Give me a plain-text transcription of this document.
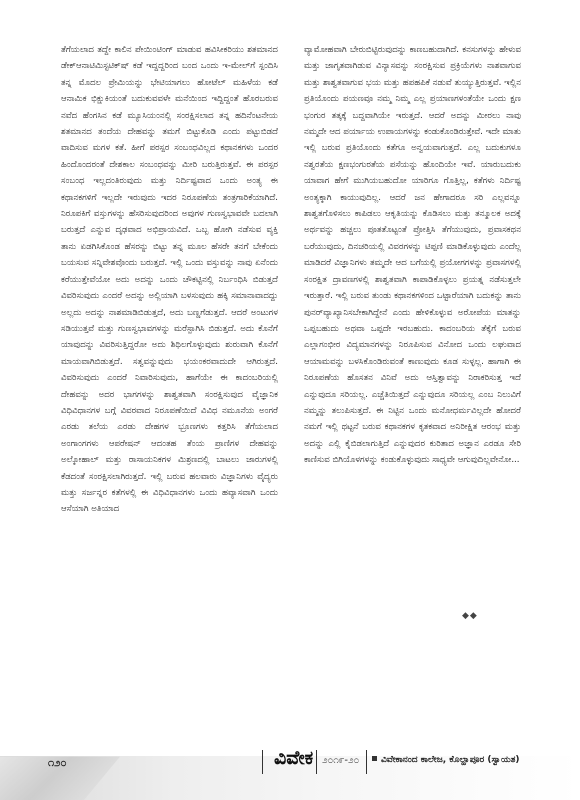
ತೆಗೆಯಲಾದ ತದ್ದೇ ಕಾಲಿನ ಪೇಯಿಂಟಿಂಗ್ ಮಾಡುವ ಹವಿಸೀಕರಿಯು ಶತಮಾನದ ಡೇಕ್‌ಆನಾಟಿಮಿಸ್ಟಟಿಕ್‌ಷ್ ಕಡೆ ಇದ್ದದ್ದರಿಂದ ಬಂದ ಒಂದು ಇ-ಮೇಲ್‌ಗೆ ಸ್ಪಂದಿಸಿ ತನ್ನ ಮೊದಲ ಪ್ರೇಮಿಯನ್ನು ಭೇಟಿಯಾಗಲು ಹೋಟೆಲ್ ಮಹಿಳೆಯ ಕಡೆ ಆನಾಮಿಕ ಭಿಕ್ಷುಕಿಯಂತೆ ಬದುಕುವವಳೇ ಮನೆಯಿಂದ ಇದ್ದಿದ್ದಂತೆ ಹೊರಬರುವ ನವೆದ ಹೆಂಗಸಿನ ಕಡೆ ಮ್ಯೂಸಿಯಂನಲ್ಲಿ ಸಂರಕ್ಷಿಸಲಾದ ತನ್ನ ಹದಿನೆಂಟನೇಯ ಶತಮಾನದ ತಂದೆಯ ದೇಹವನ್ನು ತಮಗೆ ಬಿಟ್ಟುಕೊಡಿ ಎಂದು ಪಟ್ಟುಬಿಡದೆ ವಾದಿಸುವ ಮಗಳ ಕತೆ. ಹೀಗೆ ಪರಸ್ಪರ ಸಂಬಂಧವಿಲ್ಲದ ಕಥಾನಕಗಳು ಒಂದರ ಹಿಂದೊಂದರಂತೆ ದೇಶಕಾಲ ಸಂಬಂಧವನ್ನು ಮೀರಿ ಬರುತ್ತಿರುತ್ತವೆ. ಈ ಪರಸ್ಪರ ಸಂಬಂಧ ಇಲ್ಲದಂತಿರುವುದು ಮತ್ತು ನಿರ್ದಿಷ್ಟವಾದ ಒಂದು ಅಂತ್ಯ ಈ ಕಥಾನಕಗಳಿಗೆ ಇಲ್ಲದೇ ಇರುವುದು ಇದರ ನಿರೂಪಣೆಯ ತಂತ್ರಗಾರಿಕೆಯಾಗಿದೆ. ನಿರೂಪಕಿಗೆ ವಸ್ತುಗಳನ್ನು ಹೆಸರಿಸುವುದರಿಂದ ಅವುಗಳ ಗುಣಸ್ವಭಾವವೇ ಬದಲಾಗಿ ಬರುತ್ತದೆ ಎನ್ನುವ ದೃಢವಾದ ಅಭಿಪ್ರಾಯವಿದೆ. ಒಬ್ಬ ಹೋಗಿ ನಡೆಸುವ ವ್ಯಕ್ತಿ ತಾನು ಏಡಗಿಸಿಕೊಂಡ ಹೆಸರನ್ನು ಬಿಟ್ಟು ತನ್ನ ಮೂಲ ಹೆಸರೇ ತನಗೆ ಬೇಕೆಂದು ಬಯಸುವ ಸನ್ನಿವೇಶವೊಂದು ಬರುತ್ತದೆ. ಇಲ್ಲಿ ಒಂದು ವಸ್ತುವನ್ನು ನಾವು ಏನೆಂದು ಕರೆಯುತ್ತೇವೆಯೋ ಅದು ಅದನ್ನು ಒಂದು ಚೌಕಟ್ಟಿನಲ್ಲಿ ನಿರ್ಬಂಧಿಸಿ ಬಿಡುತ್ತದೆ ವಿವರಿಸುವುದು ಎಂದರೆ ಅದನ್ನು ಅಲ್ಲಿಯಾಗಿ ಬಳಸುವುದು ಹಕ್ಕಿ ಸಮಾನಾವಾದದ್ದು ಅಲ್ಲದು ಅದನ್ನು ನಾಶಮಾಡಿಬಿಡುತ್ತದೆ, ಅದು ಬಣ್ಣಗೆಡುತ್ತದೆ. ಆದರೆ ಅಂಟುಗಳ ಸಡಿಯುತ್ತವೆ ಮತ್ತು ಗುಣಸ್ವಭಾವಗಳನ್ನು ಮರೆಸ್ಪಾಗಿಸಿ ಬಿಡುತ್ತದೆ. ಅದು ಕೊನೆಗೆ ಯಾವುದನ್ನು ವಿವರಿಸುತ್ತಿದ್ದರೋ ಅದು ಶಿಥಿಲಗೊಳ್ಳುವುದು ಶುರುವಾಗಿ ಕೊನೆಗೆ ಮಾಯವಾಗಿಬಿಡುತ್ತದೆ. ಸತ್ವವನ್ನುವುದು ಭಯಂಕರವಾದುದೇ ಆಗಿರುತ್ತದೆ. ವಿವರಿಸುವುದು ಎಂದರೆ ನಿವಾರಿಸುವುದು, ಹಾಗೆಯೇ ಈ ಕಾದಂಬರಿಯಲ್ಲಿ ದೇಹವನ್ನು ಅದರ ಭಾಗಗಳನ್ನು ಶಾಶ್ವತವಾಗಿ ಸಂರಕ್ಷಿಸುವುದ ವೈಜ್ಞಾನಿಕ ವಿಧಿವಿಧಾನಗಳ ಬಗ್ಗೆ ವಿವರವಾದ ನಿರೂಪಣೆಯಿದೆ ವಿವಿಧ ನಮೂನೆಯ ಅಂಗರೆ ಎರಡು ತಲೆಯ ಎರಡು ದೇಹಗಳ ಭ್ರೂಣಗಳು ಕತ್ತರಿಸಿ ತೆಗೆಯಲಾದ ಅಂಗಾಂಗಗಳು ಆಪರೇಷನ್ ಆದಂತಹ ತೆಂಯ ಪ್ರಾಣಿಗಳ ದೇಹವನ್ನು ಅಲ್ಕೋಹಾಲ್ ಮತ್ತು ರಾಸಾಯನಿಕಗಳ ಮಿಶ್ರಣದಲ್ಲಿ ಬಾಟಲು ಜಾರುಗಳಲ್ಲಿ ಕೆಡದಂತೆ ಸಂರಕ್ಷಿಸಲಾಗಿರುತ್ತದೆ. ಇಲ್ಲಿ ಬರುವ ಹಲವಾರು ವಿಜ್ಞಾನಿಗಳು ವೈದ್ಯರು ಮತ್ತು ಸರ್ಜನ್ನರ ಕತೆಗಳಲ್ಲಿ ಈ ವಿಧಿವಿಧಾನಗಳು ಒಂದು ಹವ್ಯಾಸವಾಗಿ ಒಂದು ಆಸೆಯಾಗಿ ಅತಿಯಾದ

ವ್ಯಾಮೋಹವಾಗಿ ಬೇರುಬಿಟ್ಟಿರುವುದನ್ನು ಕಾಣಬಹುದಾಗಿದೆ. ಕನಸುಗಳನ್ನು ಹೇಳುವ ಮತ್ತು ಜಾಗೃತವಾಗಿಡುವ ವಿನ್ಯಾಸವನ್ನು ಸಂರಕ್ಷಿಸುವ ಪ್ರಕ್ರಿಯೆಗಳು ನಾಶವಾಗುವ ಮತ್ತು ಶಾಶ್ವತವಾಗುವ ಭಯ ಮತ್ತು ಹಪಹಪಿಕೆ ನಡುವೆ ತುಯ್ಯುತ್ತಿರುತ್ತವೆ. ಇಲ್ಲಿನ ಪ್ರತಿಯೊಂದು ಪಯಣವೂ ನಮ್ಮ ನಿಮ್ಮ ಎಲ್ಲ ಪ್ರಯಾಣಗಳಂತೆಯೇ ಒಂದು ಕ್ಷಣ ಭಂಗುರ ತತ್ಕಕ್ಕೆ ಬದ್ದವಾಗಿಯೇ ಇರುತ್ತದೆ. ಆದರೆ ಅದನ್ನು ಮೀರಲು ನಾವು ನಮ್ಮದೇ ಆದ ಪರ್ಯಾಯ ಉಪಾಯಗಳನ್ನು ಕಂಡುಕೊಂಡಿರುತ್ತೇವೆ. ಇದೇ ಮಾತು ಇಲ್ಲಿ ಬರುವ ಪ್ರತಿಯೊಂದು ಕತೆಗೂ ಅನ್ವಯವಾಗುತ್ತದೆ. ಎಲ್ಲ ಬದುಕುಗಳೂ ನಶ್ವರತೆಯ ಕ್ಷಣಭಂಗುರತೆಯ ಪಸೆಯನ್ನು ಹೊಂದಿಯೇ ಇವೆ. ಯಾರುಬದುಕು ಯಾವಾಗ ಹೇಗೆ ಮುಗಿಯಬಹುದೋ ಯಾರಿಗೂ ಗೊತ್ತಿಲ್ಲ, ಕತೆಗಳು ನಿರ್ದಿಷ್ಟ ಅಂತ್ಯಕ್ಕಾಗಿ ಕಾಯುವುದಿಲ್ಲ. ಆದರೆ ಜನ ಹೇಗಾದರೂ ಸರಿ ಎಲ್ಲವನ್ನೂ ಶಾಶ್ವತಗೊಳಿಸಲು ಕಾಪಿಡಲು ಆಕೃತಿಯನ್ನು ಕೊಡಿಸಲು ಮತ್ತು ತನ್ಮೂಲಕ ಅದಕ್ಕೆ ಅರ್ಥವನ್ನು ಹಚ್ಚಲು ಪೂತತೊಟ್ಟಂತೆ ಪ್ರೋತ್ತಿಸಿ ತೆಗೆಯುವುದು, ಪ್ರವಾಸಕಥನ ಬರೆಯುವುದು, ದಿನಚರಿಯಲ್ಲಿ ವಿವರಗಳನ್ನು ಟಿಪ್ಪಣಿ ಮಾಡಿಕೊಳ್ಳುವುದು ಎಂದೆಲ್ಲ ಮಾಡಿದರೆ ವಿಜ್ಞಾನಿಗಳು ತಮ್ಮದೇ ಆದ ಬಗೆಯಲ್ಲಿ ಪ್ರಯೋಗಗಳನ್ನು ಪ್ರವಾಸಗಳಲ್ಲಿ ಸಂರಕ್ಷಿತ ದ್ರಾವಣಗಳಲ್ಲಿ ಶಾಶ್ವತವಾಗಿ ಕಾಪಾಡಿಕೊಳ್ಳಲು ಪ್ರಯತ್ನ ನಡೆಸುತ್ತಲೇ ಇರುತ್ತಾರೆ. ಇಲ್ಲಿ ಬರುವ ತುಂಡು ಕಥಾನಕಗಳಿಂದ ಒಟ್ಟಾರೆಯಾಗಿ ಬದುಕನ್ನು ತಾನು ಪುನರ್‌ವ್ಯಾಖ್ಯಾನಿಸಬೇಕಾಗಿದ್ದೇನೆ ಎಂದು ಹೇಳಿಕೊಳ್ಳುವ ಅರೋಪೆಯ ಮಾತನ್ನು ಒಪ್ಪಬಹುದು ಅಥವಾ ಒಪ್ಪದೇ ಇರಬಹುದು. ಕಾದಂಬರಿಯ ತೆಕ್ಕೆಗೆ ಬರುವ ಎಲ್ಲಾಗಂಭೀರ ವಿದ್ಯಮಾನಗಳನ್ನು ನಿರೂಪಿಸುವ ವಿನೋದ ಒಂದು ಲಘುವಾದ ಆಯಾಮವನ್ನು ಬಳಸಿಕೊಂಡಿರುವಂತೆ ಕಾಣುವುದು ಕೂಡ ಸುಳ್ಳಲ್ಲ. ಹಾಗಾಗಿ ಈ ನಿರೂಪಣೆಯ ಹೊಸತನ ವಿನಿವೆ ಅದು ಆಸ್ತಿತ್ವಾವನ್ನು ನಿರಾಕರಿಸುತ್ತ ಇದೆ ಎನ್ನುವುದೂ ಸರಿಯಲ್ಲ. ಎಚ್ಚೆತಿಯಿತ್ತದೆ ಎನ್ನುವುದೂ ಸರಿಯಲ್ಲ ಎಂಬ ನಿಲುವಿಗೆ ನಮ್ಮನ್ನು ತಲುಪಿಸುತ್ತದೆ. ಈ ನಿಟ್ಟಿನ ಒಂದು ಮನೋಧರ್ಮವಿಲ್ಲದೇ ಹೋದರೆ ನಮಗೆ ಇಲ್ಲಿ ಥಟ್ಟನೆ ಬರುವ ಕಥಾನಕಗಳ ಕೃತಕವಾದ ಅನಿರೀಕ್ಷಿತ ಆರಂಭ ಮತ್ತು ಅದನ್ನು ಎಲ್ಲಿ ಕೈಬಿಡಲಾಗುತ್ತಿದೆ ಎನ್ನುವುದರ ಕುರಿತಾದ ಅಜ್ಞಾನ ಎರಡೂ ಸೇರಿ ಕಾಣಿಸುವ ಬಿಗಿಯೊಳಗಳನ್ನು ಕಂಡುಕೊಳ್ಳುವುದು ಸಾಧ್ಯವೇ ಆಗುವುದಿಲ್ಲವೇನೋ...

◆◆
೧೨೦	ವಿವೇಕ ೨೦೧೯-೨೦	ವಿವೇಕಾನಂದ ಕಾಲೇಜ, ಕೊಲ್ಹಾಪೂರ (ಸ್ವಾಯತ)
